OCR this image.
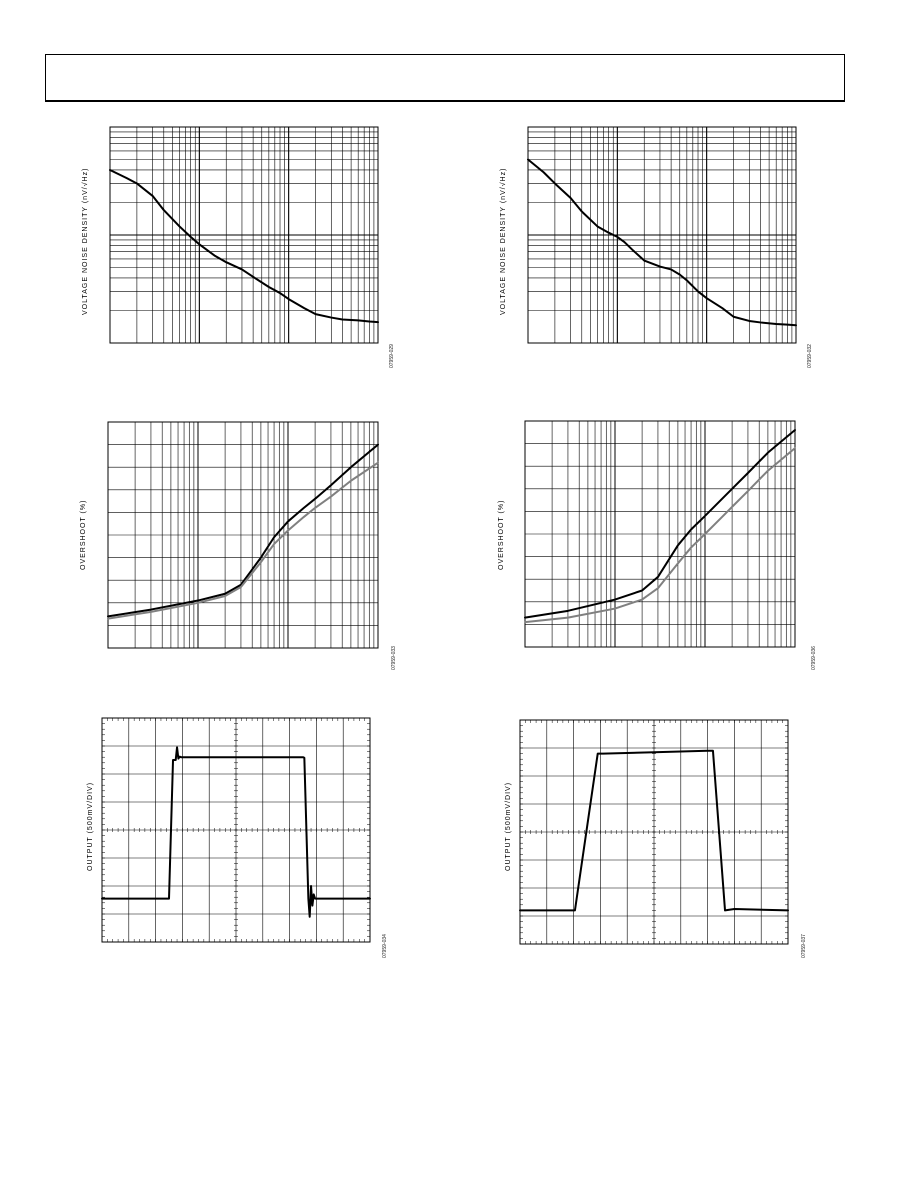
VOLTAGE NOISE DENSITY (nV/√Hz)
07959-029
VOLTAGE NOISE DENSITY (nV/√Hz)
07959-032
OVERSHOOT (%)
07959-033
OVERSHOOT (%)
07959-036
OUTPUT (500mV/DIV)
07959-034
OUTPUT (500mV/DIV)
07959-037
